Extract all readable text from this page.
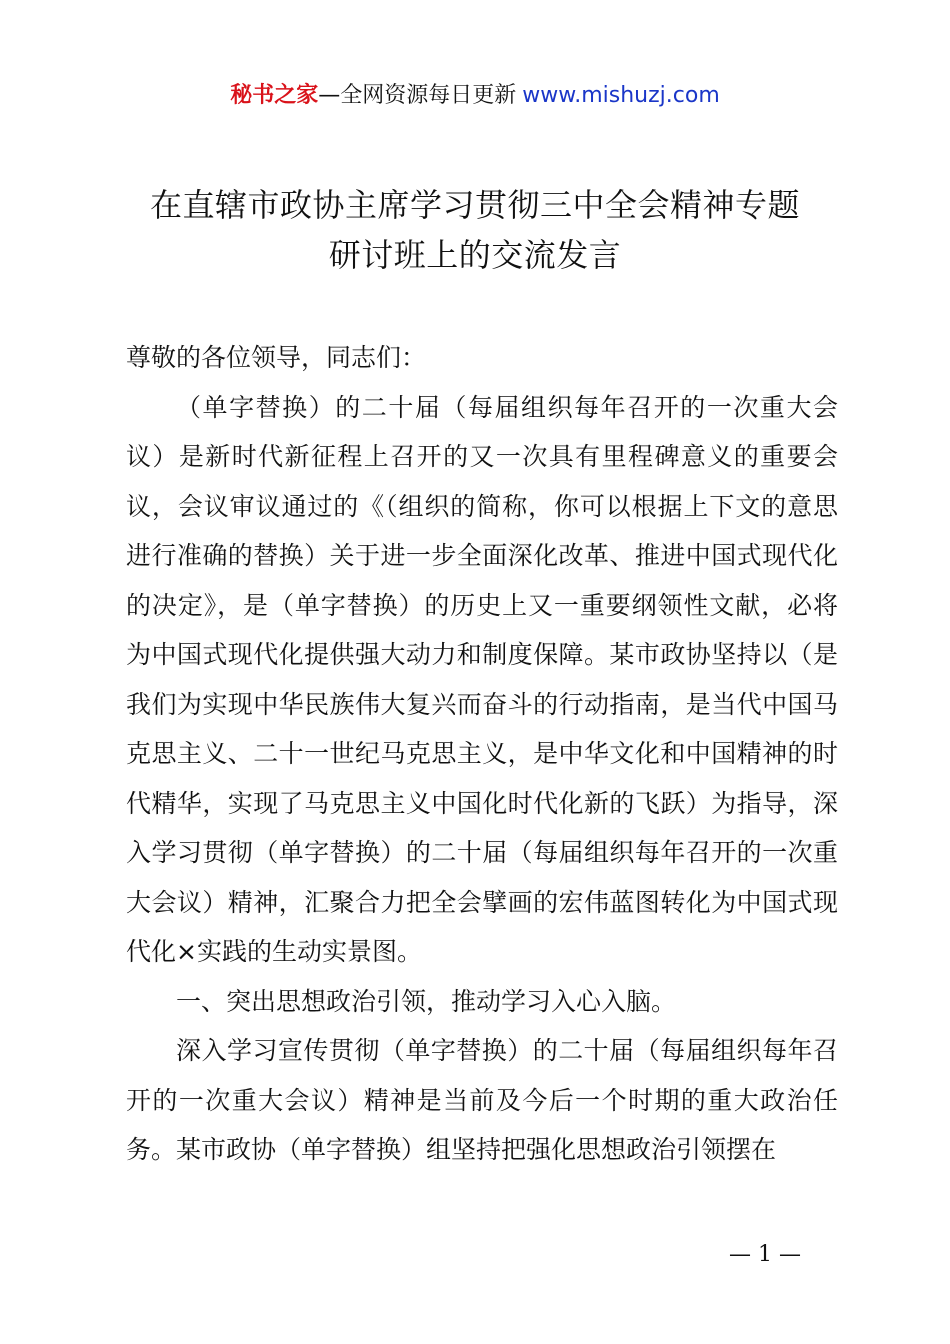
秘书之家—全网资源每日更新 www.mishuzj.com
在直辖市政协主席学习贯彻三中全会精神专题
研讨班上的交流发言

尊敬的各位领导，同志们：

（单字替换）的二十届（每届组织每年召开的一次重大会议）是新时代新征程上召开的又一次具有里程碑意义的重要会议，会议审议通过的《（组织的简称，你可以根据上下文的意思进行准确的替换）关于进一步全面深化改革、推进中国式现代化的决定》，是（单字替换）的历史上又一重要纲领性文献，必将为中国式现代化提供强大动力和制度保障。某市政协坚持以（是我们为实现中华民族伟大复兴而奋斗的行动指南，是当代中国马克思主义、二十一世纪马克思主义，是中华文化和中国精神的时代精华，实现了马克思主义中国化时代化新的飞跃）为指导，深入学习贯彻（单字替换）的二十届（每届组织每年召开的一次重大会议）精神，汇聚合力把全会擘画的宏伟蓝图转化为中国式现代化×实践的生动实景图。

一、突出思想政治引领，推动学习入心入脑。

深入学习宣传贯彻（单字替换）的二十届（每届组织每年召开的一次重大会议）精神是当前及今后一个时期的重大政治任务。某市政协（单字替换）组坚持把强化思想政治引领摆在

— 1 —
